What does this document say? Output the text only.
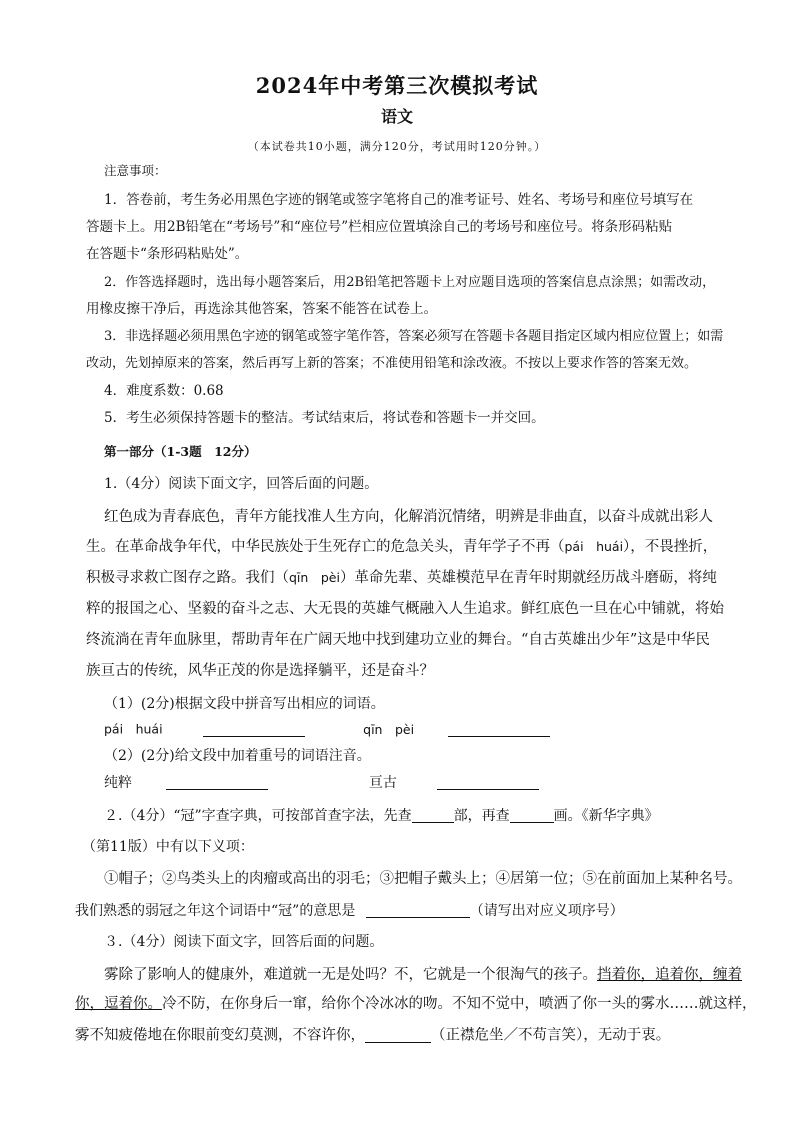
2024年中考第三次模拟考试
语文
（本试卷共10小题，满分120分，考试用时120分钟。）
注意事项：
1．答卷前，考生务必用黑色字迹的钢笔或签字笔将自己的准考证号、姓名、考场号和座位号填写在
答题卡上。用2B铅笔在“考场号”和“座位号”栏相应位置填涂自己的考场号和座位号。将条形码粘贴
在答题卡“条形码粘贴处”。
2．作答选择题时，选出每小题答案后，用2B铅笔把答题卡上对应题目选项的答案信息点涂黑；如需改动，
用橡皮擦干净后，再选涂其他答案，答案不能答在试卷上。
3．非选择题必须用黑色字迹的钢笔或签字笔作答，答案必须写在答题卡各题目指定区域内相应位置上；如需
改动，先划掉原来的答案，然后再写上新的答案；不准使用铅笔和涂改液。不按以上要求作答的答案无效。
4．难度系数：0.68
5．考生必须保持答题卡的整洁。考试结束后，将试卷和答题卡一并交回。
第一部分（1-3题　12分）
1.（4分）阅读下面文字，回答后面的问题。
红色成为青春底色，青年方能找准人生方向，化解消沉情绪，明辨是非曲直，以奋斗成就出彩人
生。在革命战争年代，中华民族处于生死存亡的危急关头，青年学子不再（pái　huái），不畏挫折，
积极寻求救亡图存之路。我们（qīn　pèi）革命先辈、英雄模范早在青年时期就经历战斗磨砺，将纯
粹的报国之心、坚毅的奋斗之志、大无畏的英雄气概融入人生追求。鲜红底色一旦在心中铺就，将始
终流淌在青年血脉里，帮助青年在广阔天地中找到建功立业的舞台。“自古英雄出少年”这是中华民
族亘古的传统，风华正茂的你是选择躺平，还是奋斗？
（1）(2分)根据文段中拼音写出相应的词语。
pái　huái	qīn　pèi
（2）(2分)给文段中加着重号的词语注音。
纯粹	亘古
２.（4分）“冠”字查字典，可按部首查字法，先查	部，再查	画。《新华字典》
（第11版）中有以下义项：
①帽子；②鸟类头上的肉瘤或高出的羽毛；③把帽子戴头上；④居第一位；⑤在前面加上某种名号。
我们熟悉的弱冠之年这个词语中“冠”的意思是	（请写出对应义项序号）
３.（4分）阅读下面文字，回答后面的问题。
雾除了影响人的健康外，难道就一无是处吗？不，它就是一个很淘气的孩子。挡着你，追着你，缠着
你，逗着你。冷不防，在你身后一窜，给你个冷冰冰的吻。不知不觉中，喷洒了你一头的雾水……就这样，
雾不知疲倦地在你眼前变幻莫测，不容许你，	（正襟危坐／不苟言笑），无动于衷。
